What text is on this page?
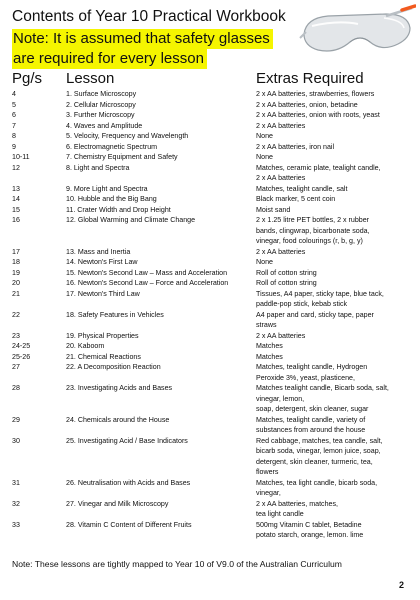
Contents of Year 10 Practical Workbook
Note: It is assumed that safety glasses
are required for every lesson
Pg/s Lesson	Extras Required
4	1. Surface Microscopy	2 x AA batteries, strawberries, flowers
5	2. Cellular Microscopy	2 x AA batteries, onion, betadine
6	3. Further Microscopy	2 x AA batteries, onion with roots, yeast
7	4. Waves and Amplitude	2 x AA batteries
8	5. Velocity, Frequency and Wavelength	None
9	6. Electromagnetic Spectrum	2 x AA batteries, iron nail
10-11	7. Chemistry Equipment and Safety	None
12	8. Light and Spectra	Matches, ceramic plate, tealight candle,
2 x AA batteries
13	9. More Light and Spectra	Matches, tealight candle, salt
14	10. Hubble and the Big Bang	Black marker, 5 cent coin
15	11. Crater Width and Drop Height	Moist sand
16	12. Global Warming and Climate Change	2 x 1.25 litre PET bottles, 2 x rubber
bands, clingwrap, bicarbonate soda,
vinegar, food colourings (r, b, g, y)
17	13. Mass and Inertia	2 x AA batteries
18	14. Newton's First Law	None
19	15. Newton's Second Law – Mass and Acceleration	Roll of cotton string
20	16. Newton's Second Law – Force and Acceleration	Roll of cotton string
21	17. Newton's Third Law	Tissues, A4 paper, sticky tape, blue tack,
paddle-pop stick, kebab stick
22	18. Safety Features in Vehicles	A4 paper and card, sticky tape, paper
straws
23	19. Physical Properties	2 x AA batteries
24-25	20. Kaboom	Matches
25-26	21. Chemical Reactions	Matches
27	22. A Decomposition Reaction	Matches, tealight candle, Hydrogen
Peroxide 3%, yeast, plasticene,
28	23. Investigating Acids and Bases	Matches tealight candle, Bicarb soda, salt,
vinegar, lemon,
soap, detergent, skin cleaner, sugar
29	24. Chemicals around the House	Matches, tealight candle, variety of
substances from around the house
30	25. Investigating Acid / Base Indicators	Red cabbage, matches, tea candle, salt,
bicarb soda, vinegar, lemon juice, soap,
detergent, skin cleaner, turmeric, tea,
flowers
31	26. Neutralisation with Acids and Bases	Matches, tea light candle, bicarb soda,
vinegar,
32	27. Vinegar and Milk Microscopy	2 x AA batteries, matches,
tea light candle
33	28. Vitamin C Content of Different Fruits	500mg Vitamin C tablet, Betadine
potato starch, orange, lemon. lime
Note: These lessons are tightly mapped to Year 10 of V9.0 of the Australian Curriculum
2
